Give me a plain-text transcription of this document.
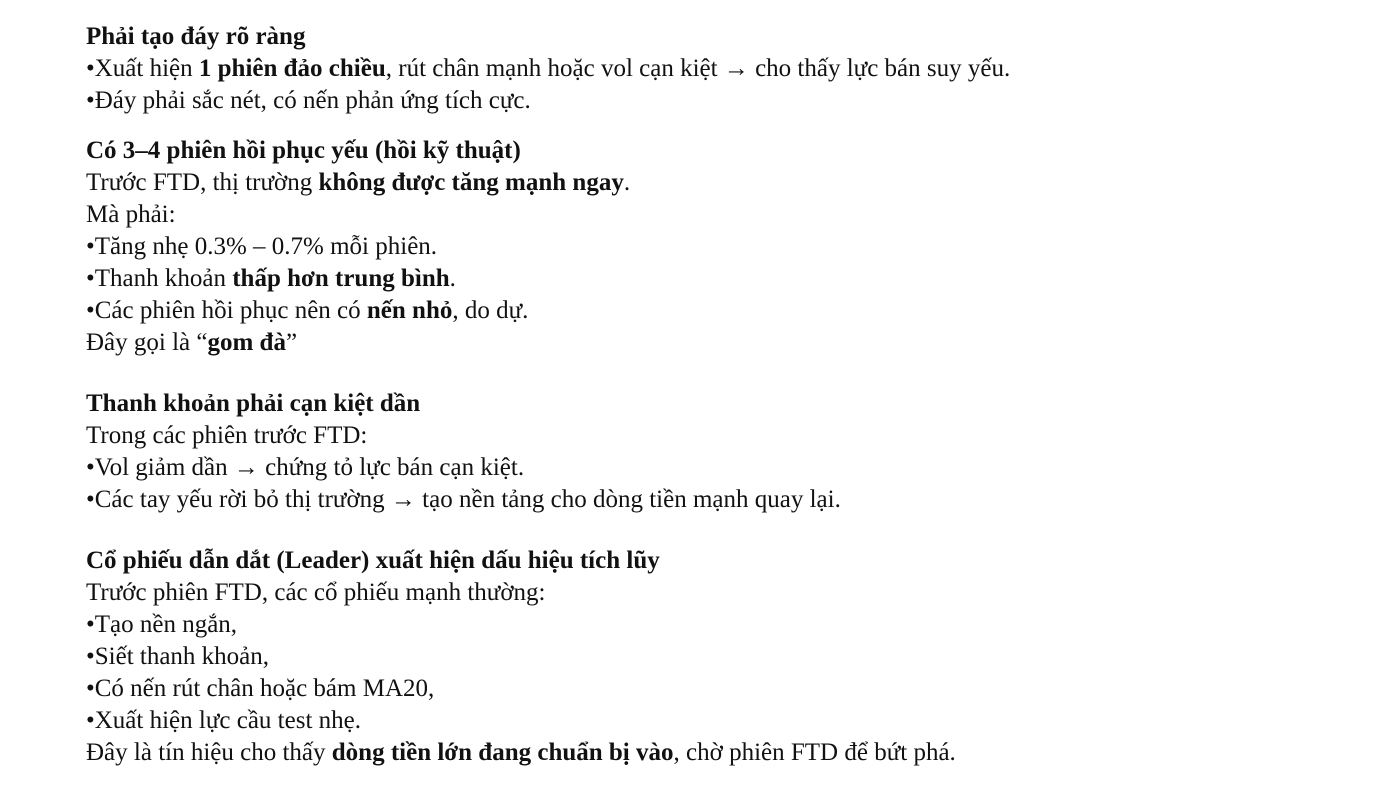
Phải tạo đáy rõ ràng
•Xuất hiện 1 phiên đảo chiều, rút chân mạnh hoặc vol cạn kiệt → cho thấy lực bán suy yếu.
•Đáy phải sắc nét, có nến phản ứng tích cực.
Có 3–4 phiên hồi phục yếu (hồi kỹ thuật)
Trước FTD, thị trường không được tăng mạnh ngay.
Mà phải:
•Tăng nhẹ 0.3% – 0.7% mỗi phiên.
•Thanh khoản thấp hơn trung bình.
•Các phiên hồi phục nên có nến nhỏ, do dự.
Đây gọi là “gom đà”
Thanh khoản phải cạn kiệt dần
Trong các phiên trước FTD:
•Vol giảm dần → chứng tỏ lực bán cạn kiệt.
•Các tay yếu rời bỏ thị trường → tạo nền tảng cho dòng tiền mạnh quay lại.
Cổ phiếu dẫn dắt (Leader) xuất hiện dấu hiệu tích lũy
Trước phiên FTD, các cổ phiếu mạnh thường:
•Tạo nền ngắn,
•Siết thanh khoản,
•Có nến rút chân hoặc bám MA20,
•Xuất hiện lực cầu test nhẹ.
Đây là tín hiệu cho thấy dòng tiền lớn đang chuẩn bị vào, chờ phiên FTD để bứt phá.
